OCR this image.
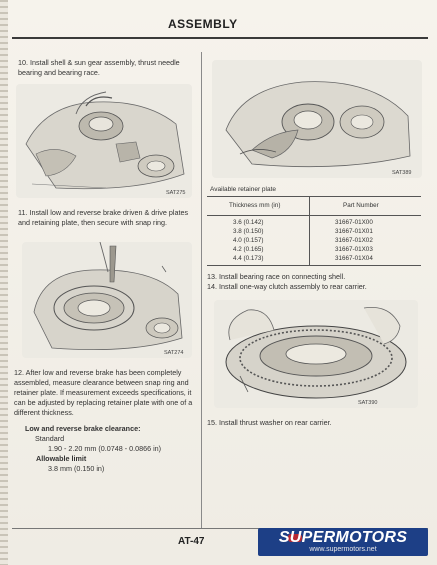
ASSEMBLY
10. Install shell & sun gear assembly, thrust needle bearing and bearing race.
SAT275
11. Install low and reverse brake driven & drive plates and retaining plate, then secure with snap ring.
SAT274
12. After low and reverse brake has been completely assembled, measure clearance between snap ring and retainer plate. If measurement exceeds specifications, it can be adjusted by replacing retainer plate with one of a different thickness.
Low and reverse brake clearance:
Standard
1.90 - 2.20 mm (0.0748 - 0.0866 in)
Allowable limit
3.8 mm (0.150 in)
SAT389
Available retainer plate
Thickness mm (in)	Part Number
3.6 (0.142)	31667-01X00
3.8 (0.150)	31667-01X01
4.0 (0.157)	31667-01X02
4.2 (0.165)	31667-01X03
4.4 (0.173)	31667-01X04
13. Install bearing race on connecting shell.
14. Install one-way clutch assembly to rear carrier.
SAT390
15. Install thrust washer on rear carrier.
AT-47	SUPERMOTORS
www.supermotors.net
